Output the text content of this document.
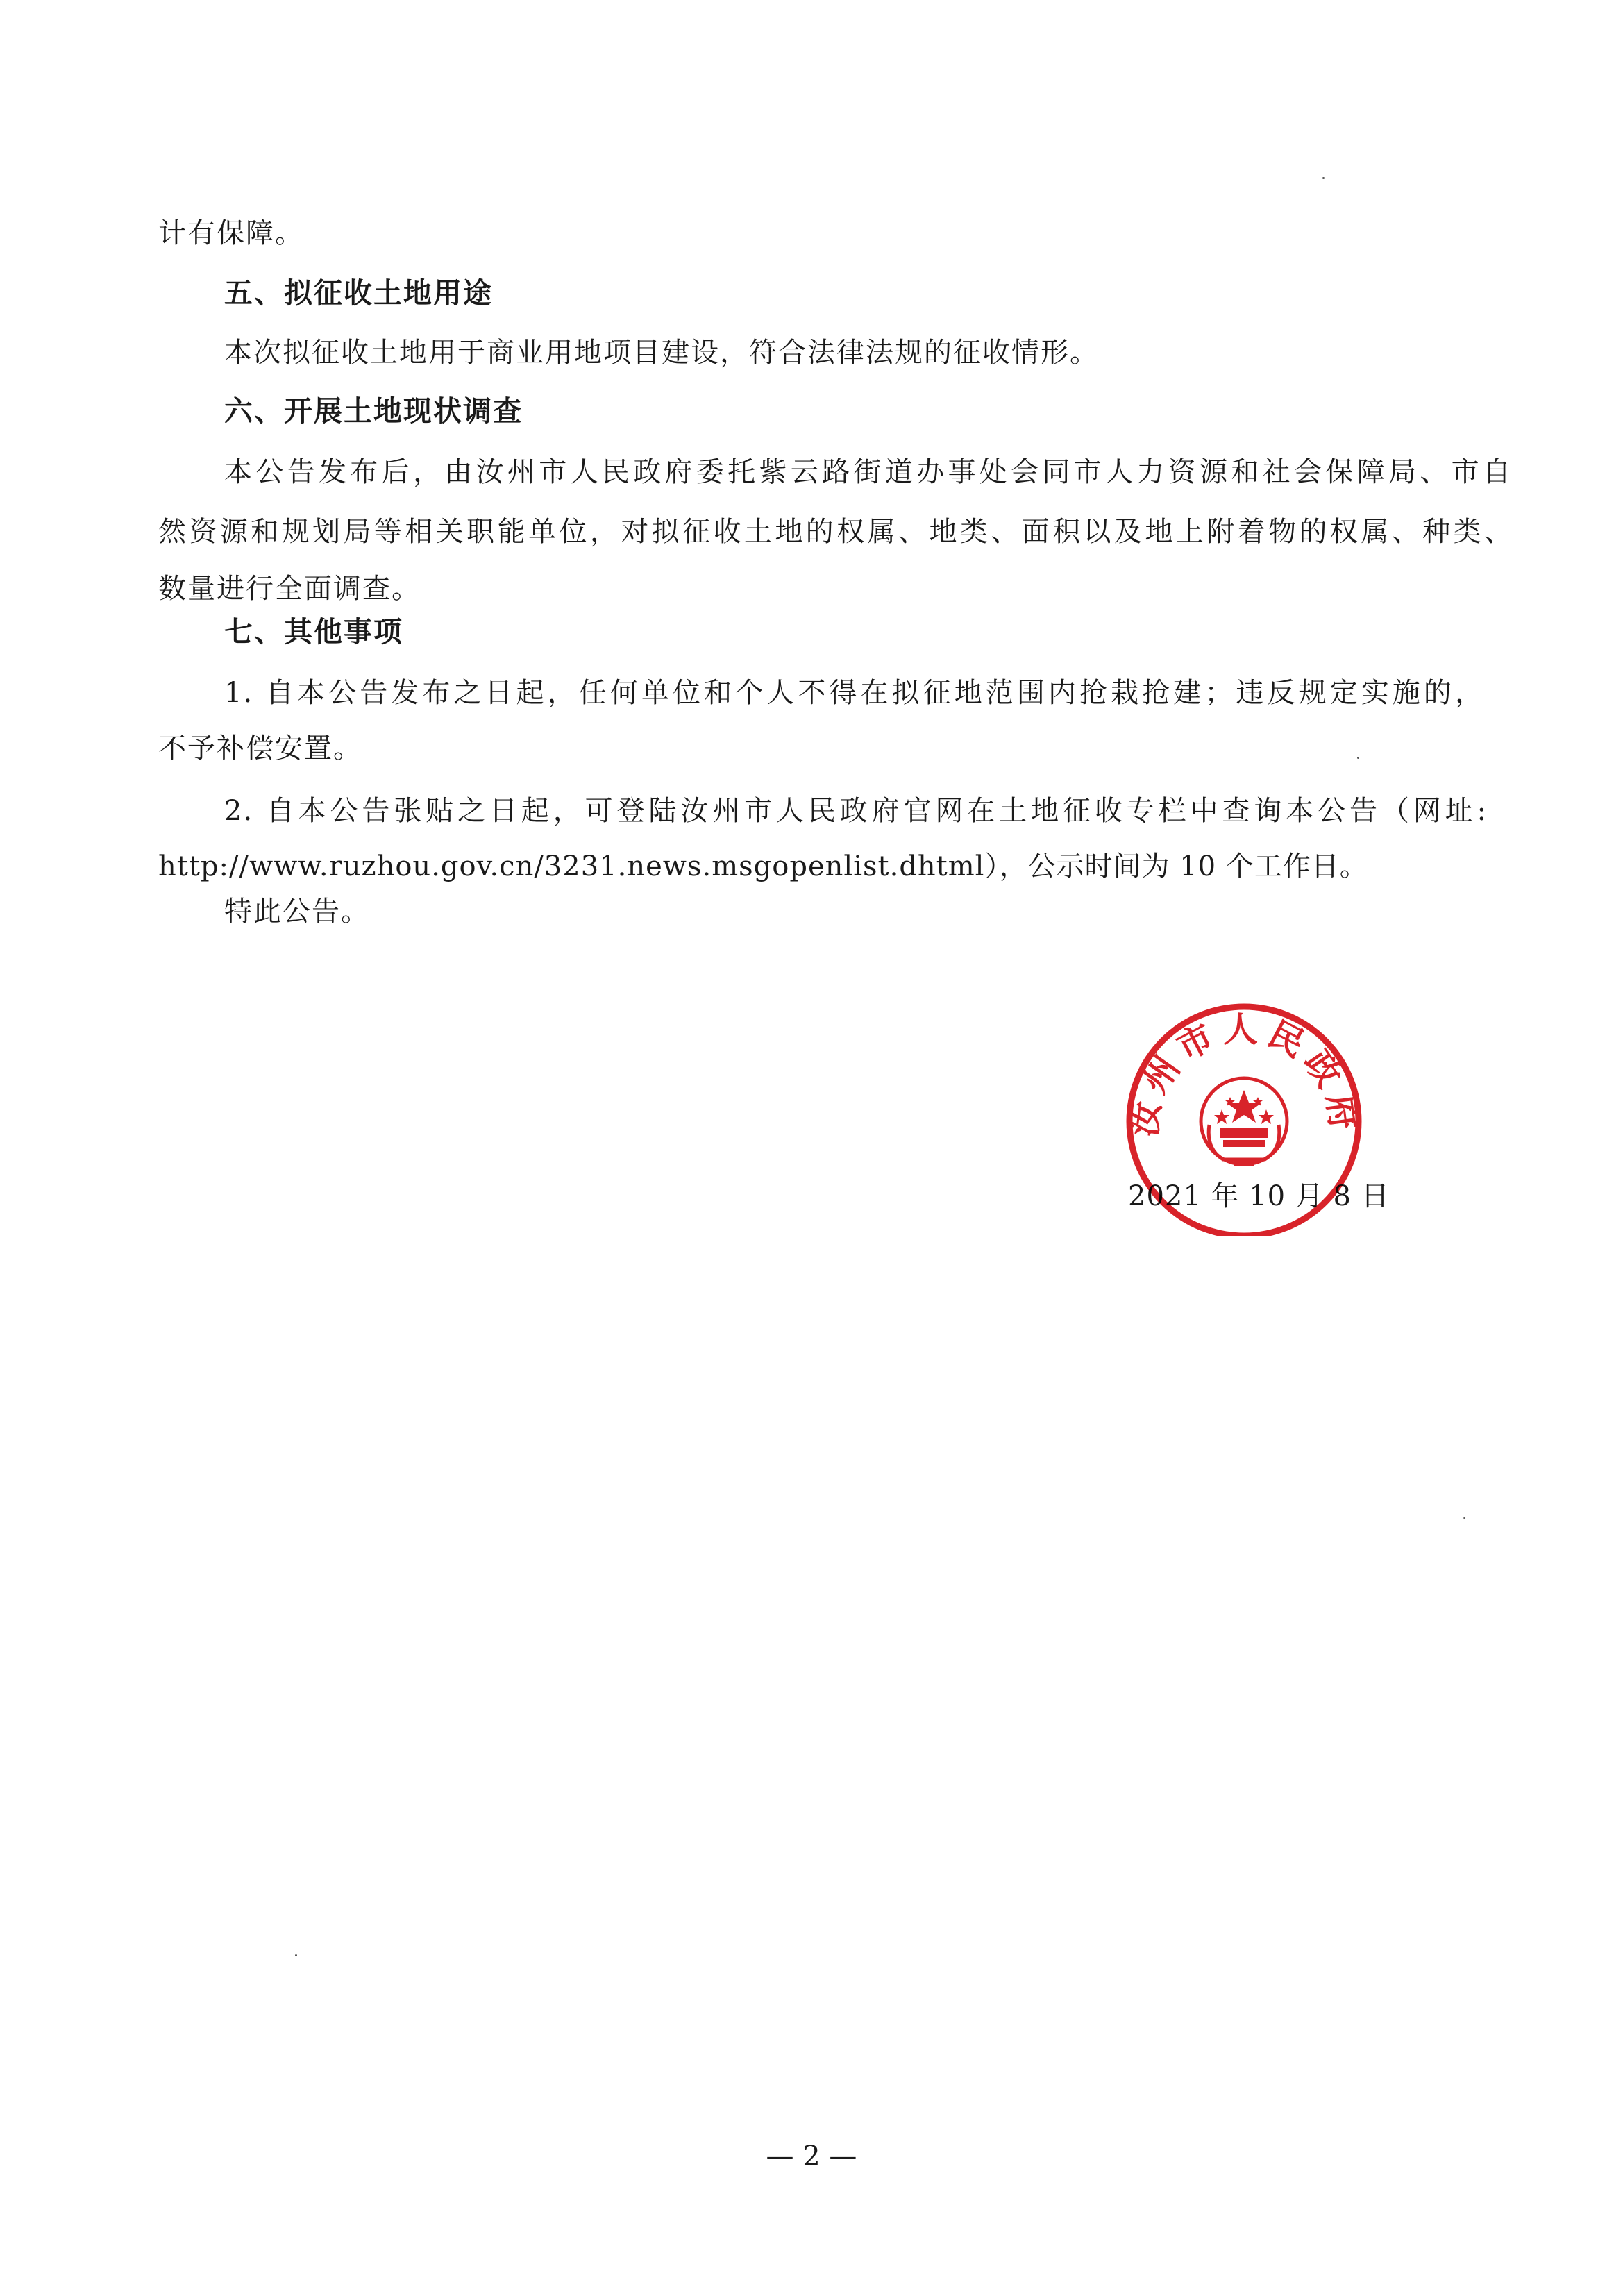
计有保障。
五、拟征收土地用途
本次拟征收土地用于商业用地项目建设，符合法律法规的征收情形。
六、开展土地现状调查
本公告发布后，由汝州市人民政府委托紫云路街道办事处会同市人力资源和社会保障局、市自
然资源和规划局等相关职能单位，对拟征收土地的权属、地类、面积以及地上附着物的权属、种类、
数量进行全面调查。
七、其他事项
1. 自本公告发布之日起，任何单位和个人不得在拟征地范围内抢栽抢建；违反规定实施的，
不予补偿安置。
2. 自本公告张贴之日起，可登陆汝州市人民政府官网在土地征收专栏中查询本公告（网址:
http://www.ruzhou.gov.cn/3231.news.msgopenlist.dhtml），公示时间为 10 个工作日。
特此公告。
2021 年 10 月 8 日
汝州市人民政府
— 2 —
